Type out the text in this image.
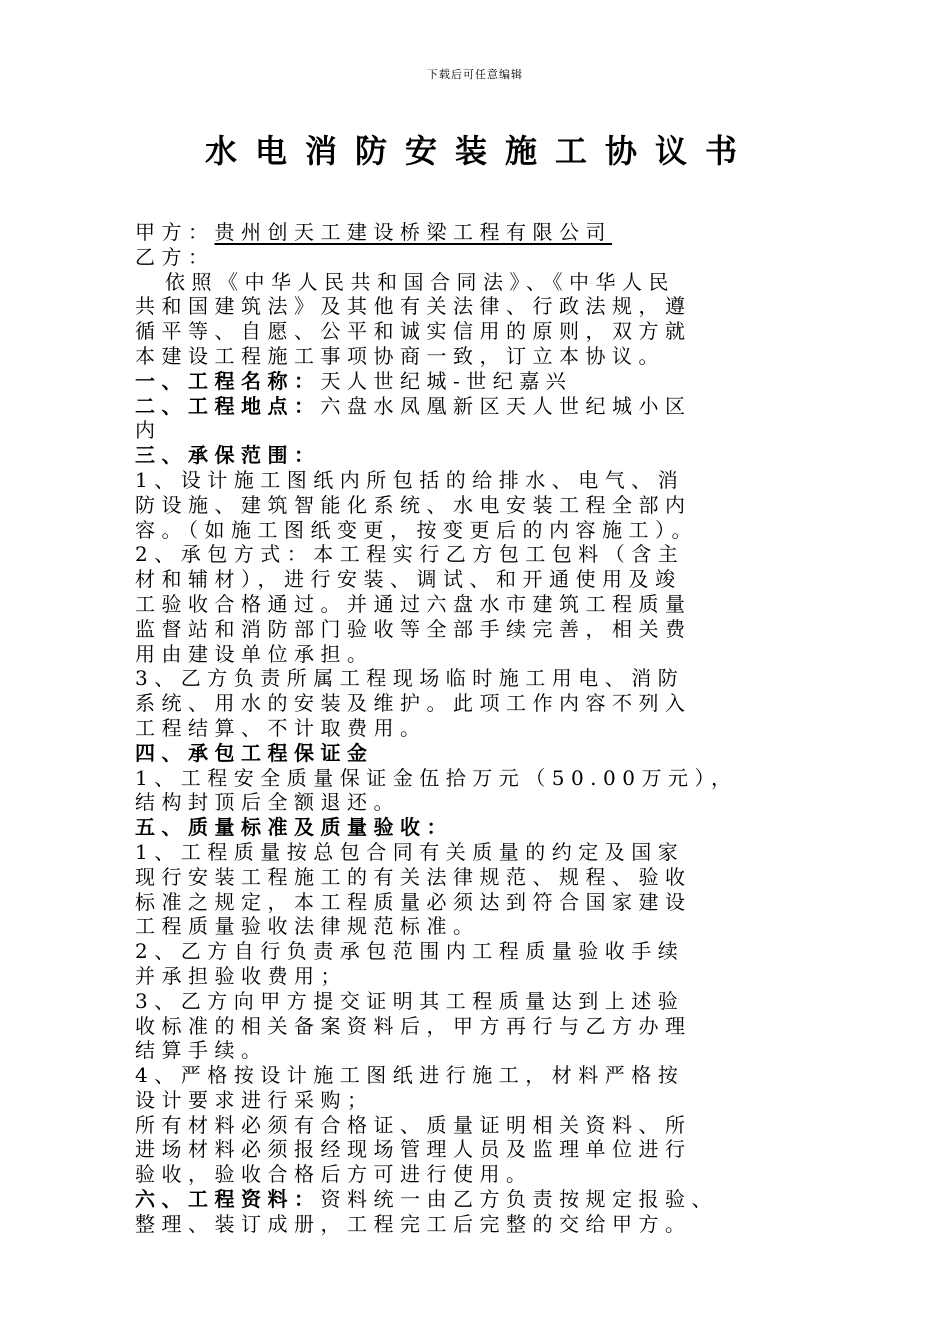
下载后可任意编辑
水电消防安装施工协议书
甲方：贵州创天工建设桥梁工程有限公司
乙方：
依照《中华人民共和国合同法》、《中华人民
共和国建筑法》及其他有关法律、行政法规，遵
循平等、自愿、公平和诚实信用的原则，双方就
本建设工程施工事项协商一致，订立本协议。
一、工程名称：天人世纪城-世纪嘉兴
二、工程地点：六盘水凤凰新区天人世纪城小区
内
三、承保范围：
1、设计施工图纸内所包括的给排水、电气、消
防设施、建筑智能化系统、水电安装工程全部内
容。（如施工图纸变更，按变更后的内容施工）。
2、承包方式：本工程实行乙方包工包料（含主
材和辅材），进行安装、调试、和开通使用及竣
工验收合格通过。并通过六盘水市建筑工程质量
监督站和消防部门验收等全部手续完善，相关费
用由建设单位承担。
3、乙方负责所属工程现场临时施工用电、消防
系统、用水的安装及维护。此项工作内容不列入
工程结算、不计取费用。
四、承包工程保证金
1、工程安全质量保证金伍拾万元（50.00万元），
结构封顶后全额退还。
五、质量标准及质量验收：
1、工程质量按总包合同有关质量的约定及国家
现行安装工程施工的有关法律规范、规程、验收
标准之规定，本工程质量必须达到符合国家建设
工程质量验收法律规范标准。
2、乙方自行负责承包范围内工程质量验收手续
并承担验收费用；
3、乙方向甲方提交证明其工程质量达到上述验
收标准的相关备案资料后，甲方再行与乙方办理
结算手续。
4、严格按设计施工图纸进行施工，材料严格按
设计要求进行采购；
所有材料必须有合格证、质量证明相关资料、所
进场材料必须报经现场管理人员及监理单位进行
验收，验收合格后方可进行使用。
六、工程资料：资料统一由乙方负责按规定报验、
整理、装订成册，工程完工后完整的交给甲方。
